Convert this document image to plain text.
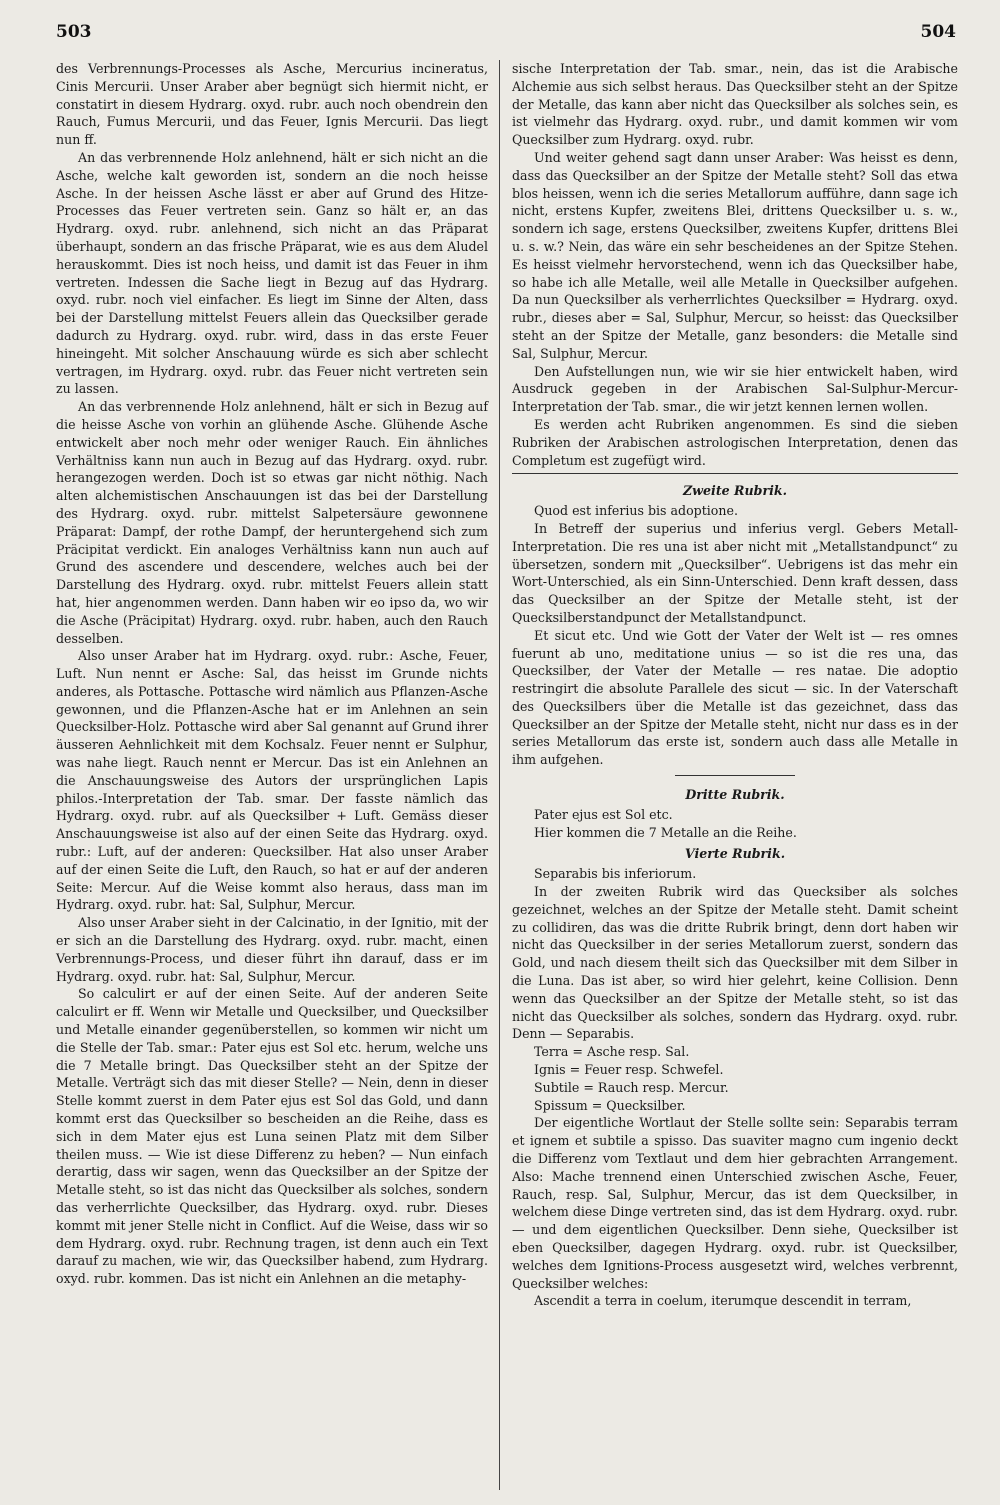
503	504

des Verbrennungs-Processes als Asche, Mercurius incineratus, Cinis Mercurii. Unser Araber aber begnügt sich hiermit nicht, er constatirt in diesem Hydrarg. oxyd. rubr. auch noch obendrein den Rauch, Fumus Mercurii, und das Feuer, Ignis Mercurii. Das liegt nun ff.

An das verbrennende Holz anlehnend, hält er sich nicht an die Asche, welche kalt geworden ist, sondern an die noch heisse Asche. In der heissen Asche lässt er aber auf Grund des Hitze-Processes das Feuer vertreten sein. Ganz so hält er, an das Hydrarg. oxyd. rubr. anlehnend, sich nicht an das Präparat überhaupt, sondern an das frische Präparat, wie es aus dem Aludel herauskommt. Dies ist noch heiss, und damit ist das Feuer in ihm vertreten. Indessen die Sache liegt in Bezug auf das Hydrarg. oxyd. rubr. noch viel einfacher. Es liegt im Sinne der Alten, dass bei der Darstellung mittelst Feuers allein das Quecksilber gerade dadurch zu Hydrarg. oxyd. rubr. wird, dass in das erste Feuer hineingeht. Mit solcher Anschauung würde es sich aber schlecht vertragen, im Hydrarg. oxyd. rubr. das Feuer nicht vertreten sein zu lassen.

An das verbrennende Holz anlehnend, hält er sich in Bezug auf die heisse Asche von vorhin an glühende Asche. Glühende Asche entwickelt aber noch mehr oder weniger Rauch. Ein ähnliches Verhältniss kann nun auch in Bezug auf das Hydrarg. oxyd. rubr. herangezogen werden. Doch ist so etwas gar nicht nöthig. Nach alten alchemistischen Anschauungen ist das bei der Darstellung des Hydrarg. oxyd. rubr. mittelst Salpetersäure gewonnene Präparat: Dampf, der rothe Dampf, der heruntergehend sich zum Präcipitat verdickt. Ein analoges Verhältniss kann nun auch auf Grund des ascendere und descendere, welches auch bei der Darstellung des Hydrarg. oxyd. rubr. mittelst Feuers allein statt hat, hier angenommen werden. Dann haben wir eo ipso da, wo wir die Asche (Präcipitat) Hydrarg. oxyd. rubr. haben, auch den Rauch desselben.

Also unser Araber hat im Hydrarg. oxyd. rubr.: Asche, Feuer, Luft. Nun nennt er Asche: Sal, das heisst im Grunde nichts anderes, als Pottasche. Pottasche wird nämlich aus Pflanzen-Asche gewonnen, und die Pflanzen-Asche hat er im Anlehnen an sein Quecksilber-Holz. Pottasche wird aber Sal genannt auf Grund ihrer äusseren Aehnlichkeit mit dem Kochsalz. Feuer nennt er Sulphur, was nahe liegt. Rauch nennt er Mercur. Das ist ein Anlehnen an die Anschauungsweise des Autors der ursprünglichen Lapis philos.-Interpretation der Tab. smar. Der fasste nämlich das Hydrarg. oxyd. rubr. auf als Quecksilber + Luft. Gemäss dieser Anschauungsweise ist also auf der einen Seite das Hydrarg. oxyd. rubr.: Luft, auf der anderen: Quecksilber. Hat also unser Araber auf der einen Seite die Luft, den Rauch, so hat er auf der anderen Seite: Mercur. Auf die Weise kommt also heraus, dass man im Hydrarg. oxyd. rubr. hat: Sal, Sulphur, Mercur.

Also unser Araber sieht in der Calcinatio, in der Ignitio, mit der er sich an die Darstellung des Hydrarg. oxyd. rubr. macht, einen Verbrennungs-Process, und dieser führt ihn darauf, dass er im Hydrarg. oxyd. rubr. hat: Sal, Sulphur, Mercur.

So calculirt er auf der einen Seite. Auf der anderen Seite calculirt er ff. Wenn wir Metalle und Quecksilber, und Quecksilber und Metalle einander gegenüberstellen, so kommen wir nicht um die Stelle der Tab. smar.: Pater ejus est Sol etc. herum, welche uns die 7 Metalle bringt. Das Quecksilber steht an der Spitze der Metalle. Verträgt sich das mit dieser Stelle? — Nein, denn in dieser Stelle kommt zuerst in dem Pater ejus est Sol das Gold, und dann kommt erst das Quecksilber so bescheiden an die Reihe, dass es sich in dem Mater ejus est Luna seinen Platz mit dem Silber theilen muss. — Wie ist diese Differenz zu heben? — Nun einfach derartig, dass wir sagen, wenn das Quecksilber an der Spitze der Metalle steht, so ist das nicht das Quecksilber als solches, sondern das verherrlichte Quecksilber, das Hydrarg. oxyd. rubr. Dieses kommt mit jener Stelle nicht in Conflict. Auf die Weise, dass wir so dem Hydrarg. oxyd. rubr. Rechnung tragen, ist denn auch ein Text darauf zu machen, wie wir, das Quecksilber habend, zum Hydrarg. oxyd. rubr. kommen. Das ist nicht ein Anlehnen an die metaphy-

sische Interpretation der Tab. smar., nein, das ist die Arabische Alchemie aus sich selbst heraus. Das Quecksilber steht an der Spitze der Metalle, das kann aber nicht das Quecksilber als solches sein, es ist vielmehr das Hydrarg. oxyd. rubr., und damit kommen wir vom Quecksilber zum Hydrarg. oxyd. rubr.

Und weiter gehend sagt dann unser Araber: Was heisst es denn, dass das Quecksilber an der Spitze der Metalle steht? Soll das etwa blos heissen, wenn ich die series Metallorum aufführe, dann sage ich nicht, erstens Kupfer, zweitens Blei, drittens Quecksilber u. s. w., sondern ich sage, erstens Quecksilber, zweitens Kupfer, drittens Blei u. s. w.? Nein, das wäre ein sehr bescheidenes an der Spitze Stehen. Es heisst vielmehr hervorstechend, wenn ich das Quecksilber habe, so habe ich alle Metalle, weil alle Metalle in Quecksilber aufgehen. Da nun Quecksilber als verherrlichtes Quecksilber = Hydrarg. oxyd. rubr., dieses aber = Sal, Sulphur, Mercur, so heisst: das Quecksilber steht an der Spitze der Metalle, ganz besonders: die Metalle sind Sal, Sulphur, Mercur.

Den Aufstellungen nun, wie wir sie hier entwickelt haben, wird Ausdruck gegeben in der Arabischen Sal-Sulphur-Mercur-Interpretation der Tab. smar., die wir jetzt kennen lernen wollen.

Es werden acht Rubriken angenommen. Es sind die sieben Rubriken der Arabischen astrologischen Interpretation, denen das Completum est zugefügt wird.

Zweite Rubrik.

Quod est inferius bis adoptione.

In Betreff der superius und inferius vergl. Gebers Metall-Interpretation. Die res una ist aber nicht mit „Metallstandpunct“ zu übersetzen, sondern mit „Quecksilber“. Uebrigens ist das mehr ein Wort-Unterschied, als ein Sinn-Unterschied. Denn kraft dessen, dass das Quecksilber an der Spitze der Metalle steht, ist der Quecksilberstandpunct der Metallstandpunct.

Et sicut etc. Und wie Gott der Vater der Welt ist — res omnes fuerunt ab uno, meditatione unius — so ist die res una, das Quecksilber, der Vater der Metalle — res natae. Die adoptio restringirt die absolute Parallele des sicut — sic. In der Vaterschaft des Quecksilbers über die Metalle ist das gezeichnet, dass das Quecksilber an der Spitze der Metalle steht, nicht nur dass es in der series Metallorum das erste ist, sondern auch dass alle Metalle in ihm aufgehen.

Dritte Rubrik.

Pater ejus est Sol etc.

Hier kommen die 7 Metalle an die Reihe.

Vierte Rubrik.

Separabis bis inferiorum.

In der zweiten Rubrik wird das Quecksiber als solches gezeichnet, welches an der Spitze der Metalle steht. Damit scheint zu collidiren, das was die dritte Rubrik bringt, denn dort haben wir nicht das Quecksilber in der series Metallorum zuerst, sondern das Gold, und nach diesem theilt sich das Quecksilber mit dem Silber in die Luna. Das ist aber, so wird hier gelehrt, keine Collision. Denn wenn das Quecksilber an der Spitze der Metalle steht, so ist das nicht das Quecksilber als solches, sondern das Hydrarg. oxyd. rubr. Denn — Separabis.

Terra = Asche resp. Sal.

Ignis = Feuer resp. Schwefel.

Subtile = Rauch resp. Mercur.

Spissum = Quecksilber.

Der eigentliche Wortlaut der Stelle sollte sein: Separabis terram et ignem et subtile a spisso. Das suaviter magno cum ingenio deckt die Differenz vom Textlaut und dem hier gebrachten Arrangement. Also: Mache trennend einen Unterschied zwischen Asche, Feuer, Rauch, resp. Sal, Sulphur, Mercur, das ist dem Quecksilber, in welchem diese Dinge vertreten sind, das ist dem Hydrarg. oxyd. rubr. — und dem eigentlichen Quecksilber. Denn siehe, Quecksilber ist eben Quecksilber, dagegen Hydrarg. oxyd. rubr. ist Quecksilber, welches dem Ignitions-Process ausgesetzt wird, welches verbrennt, Quecksilber welches:

Ascendit a terra in coelum, iterumque descendit in terram,
